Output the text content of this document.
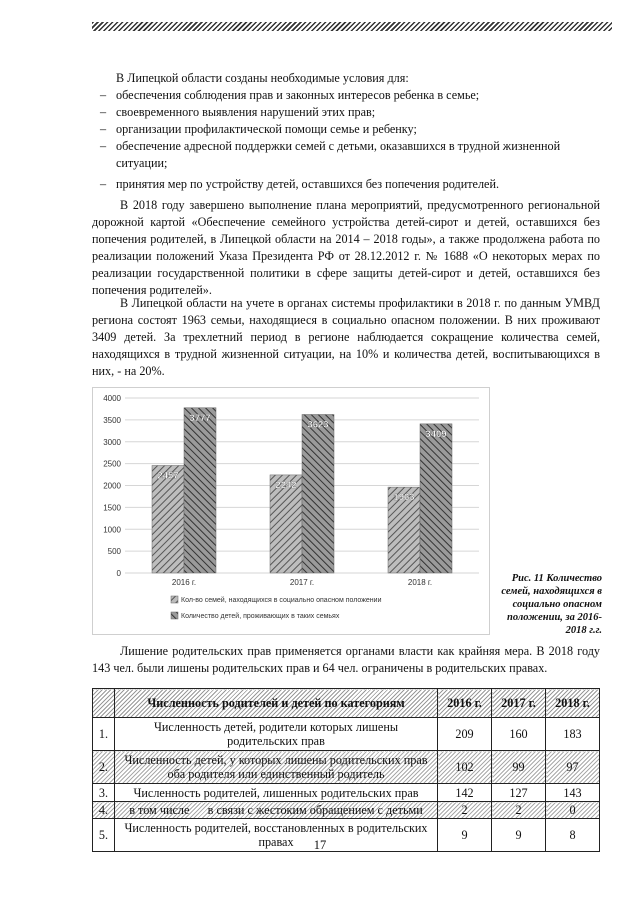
В Липецкой области созданы необходимые условия для:
– обеспечения соблюдения прав и законных интересов ребенка в семье;
– своевременного выявления нарушений этих прав;
– организации профилактической помощи семье и ребенку;
– обеспечение адресной поддержки семей с детьми, оказавшихся в трудной жизненной ситуации;
– принятия мер по устройству детей, оставшихся без попечения родителей.
В 2018 году завершено выполнение плана мероприятий, предусмотренного региональной дорожной картой «Обеспечение семейного устройства детей-сирот и детей, оставшихся без попечения родителей, в Липецкой области на 2014 – 2018 годы», а также продолжена работа по реализации положений Указа Президента РФ от 28.12.2012 г. № 1688 «О некоторых мерах по реализации государственной политики в сфере защиты детей-сирот и детей, оставшихся без попечения родителей».
В Липецкой области на учете в органах системы профилактики в 2018 г. по данным УМВД региона состоят 1963 семьи, находящиеся в социально опасном положении. В них проживают 3409 детей. За трехлетний период в регионе наблюдается сокращение количества семей, находящихся в трудной жизненной ситуации, на 10% и количества детей, воспитывающихся в них, - на 20%.
0
500
1000
1500
2000
2500
3000
3500
4000
2457
3777
2016 г.
2242
3623
2017 г.
1963
3409
2018 г.
Кол-во семей, находящихся в социально опасном положении
Количество детей, проживающих в таких семьях
Рис. 11 Количество семей, находящихся в социально опасном положении, за 2016-2018 г.г.
Лишение родительских прав применяется органами власти как крайняя мера. В 2018 году 143 чел. были лишены родительских прав и 64 чел. ограничены в родительских правах.
	Численность родителей и детей по категориям	2016 г.	2017 г.	2018 г.
1.	Численность детей, родители которых лишены родительских прав	209	160	183
2.	Численность детей, у которых лишены родительских прав оба родителя или единственный родитель	102	99	97
3.	Численность родителей, лишенных родительских прав	142	127	143
4.	в том числе      в связи с жестоким обращением с детьми	2	2	0
5.	Численность родителей, восстановленных в родительских правах	9	9	8
17
